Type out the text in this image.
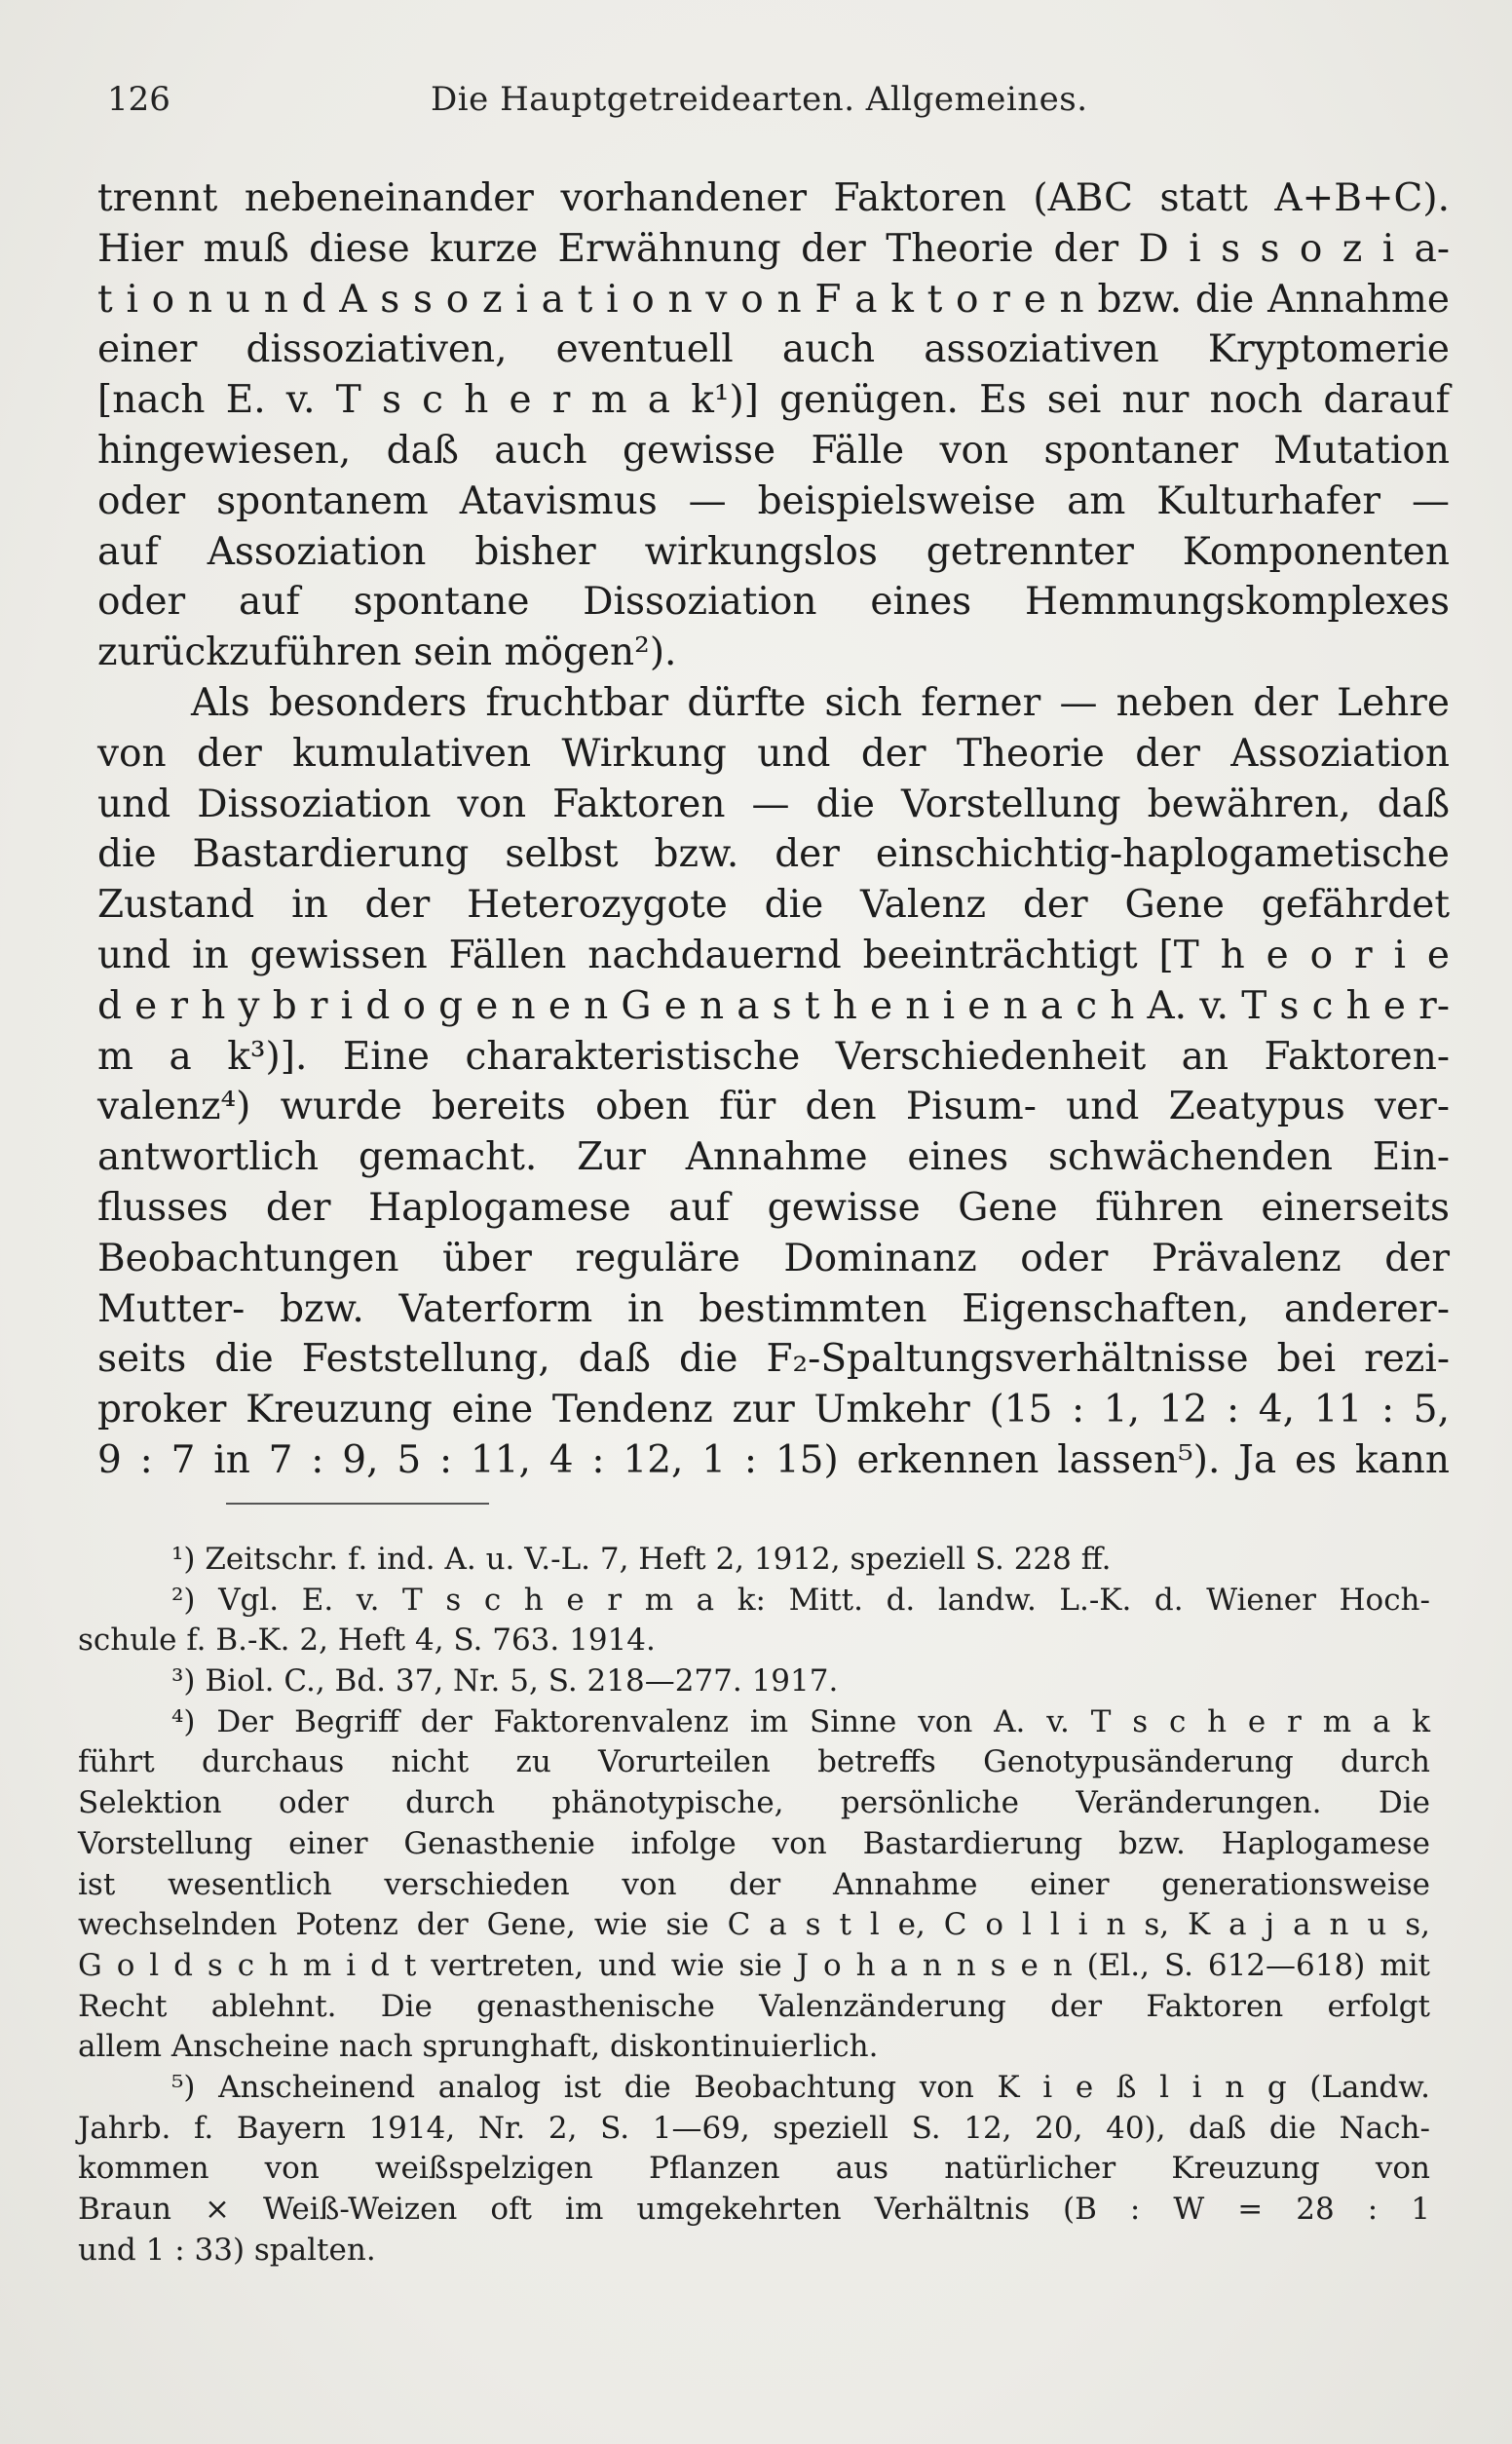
126	Die Hauptgetreidearten. Allgemeines.
trennt nebeneinander vorhandener Faktoren (ABC statt A+B+C).
Hier muß diese kurze Erwähnung der Theorie der D i s s o z i a-
t i o n u n d A s s o z i a t i o n v o n F a k t o r e n bzw. die Annahme
einer dissoziativen, eventuell auch assoziativen Kryptomerie
[nach E. v. T s c h e r m a k¹)] genügen. Es sei nur noch darauf
hingewiesen, daß auch gewisse Fälle von spontaner Mutation
oder spontanem Atavismus — beispielsweise am Kulturhafer —
auf Assoziation bisher wirkungslos getrennter Komponenten
oder auf spontane Dissoziation eines Hemmungskomplexes
zurückzuführen sein mögen²).
Als besonders fruchtbar dürfte sich ferner — neben der Lehre
von der kumulativen Wirkung und der Theorie der Assoziation
und Dissoziation von Faktoren — die Vorstellung bewähren, daß
die Bastardierung selbst bzw. der einschichtig-haplogametische
Zustand in der Heterozygote die Valenz der Gene gefährdet
und in gewissen Fällen nachdauernd beeinträchtigt [T h e o r i e
d e r h y b r i d o g e n e n G e n a s t h e n i e n a c h A. v. T s c h e r-
m a k³)]. Eine charakteristische Verschiedenheit an Faktoren-
valenz⁴) wurde bereits oben für den Pisum- und Zeatypus ver-
antwortlich gemacht. Zur Annahme eines schwächenden Ein-
flusses der Haplogamese auf gewisse Gene führen einerseits
Beobachtungen über reguläre Dominanz oder Prävalenz der
Mutter- bzw. Vaterform in bestimmten Eigenschaften, anderer-
seits die Feststellung, daß die F₂-Spaltungsverhältnisse bei rezi-
proker Kreuzung eine Tendenz zur Umkehr (15 : 1, 12 : 4, 11 : 5,
9 : 7 in 7 : 9, 5 : 11, 4 : 12, 1 : 15) erkennen lassen⁵). Ja es kann
¹) Zeitschr. f. ind. A. u. V.-L. 7, Heft 2, 1912, speziell S. 228 ff.
²) Vgl. E. v. T s c h e r m a k: Mitt. d. landw. L.-K. d. Wiener Hoch-
schule f. B.-K. 2, Heft 4, S. 763. 1914.
³) Biol. C., Bd. 37, Nr. 5, S. 218—277. 1917.
⁴) Der Begriff der Faktorenvalenz im Sinne von A. v. T s c h e r m a k
führt durchaus nicht zu Vorurteilen betreffs Genotypusänderung durch
Selektion oder durch phänotypische, persönliche Veränderungen. Die
Vorstellung einer Genasthenie infolge von Bastardierung bzw. Haplogamese
ist wesentlich verschieden von der Annahme einer generationsweise
wechselnden Potenz der Gene, wie sie C a s t l e, C o l l i n s, K a j a n u s,
G o l d s c h m i d t vertreten, und wie sie J o h a n n s e n (El., S. 612—618) mit
Recht ablehnt. Die genasthenische Valenzänderung der Faktoren erfolgt
allem Anscheine nach sprunghaft, diskontinuierlich.
⁵) Anscheinend analog ist die Beobachtung von K i e ß l i n g (Landw.
Jahrb. f. Bayern 1914, Nr. 2, S. 1—69, speziell S. 12, 20, 40), daß die Nach-
kommen von weißspelzigen Pflanzen aus natürlicher Kreuzung von
Braun × Weiß-Weizen oft im umgekehrten Verhältnis (B : W = 28 : 1
und 1 : 33) spalten.
